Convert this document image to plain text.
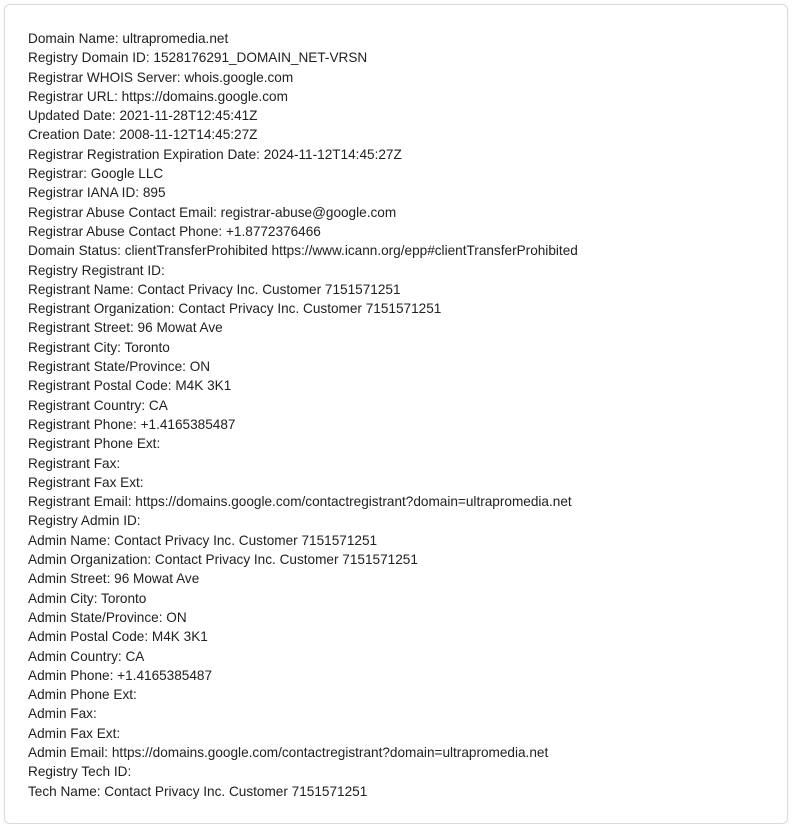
Domain Name: ultrapromedia.net
Registry Domain ID: 1528176291_DOMAIN_NET-VRSN
Registrar WHOIS Server: whois.google.com
Registrar URL: https://domains.google.com
Updated Date: 2021-11-28T12:45:41Z
Creation Date: 2008-11-12T14:45:27Z
Registrar Registration Expiration Date: 2024-11-12T14:45:27Z
Registrar: Google LLC
Registrar IANA ID: 895
Registrar Abuse Contact Email: registrar-abuse@google.com
Registrar Abuse Contact Phone: +1.8772376466
Domain Status: clientTransferProhibited https://www.icann.org/epp#clientTransferProhibited
Registry Registrant ID:
Registrant Name: Contact Privacy Inc. Customer 7151571251
Registrant Organization: Contact Privacy Inc. Customer 7151571251
Registrant Street: 96 Mowat Ave
Registrant City: Toronto
Registrant State/Province: ON
Registrant Postal Code: M4K 3K1
Registrant Country: CA
Registrant Phone: +1.4165385487
Registrant Phone Ext:
Registrant Fax:
Registrant Fax Ext:
Registrant Email: https://domains.google.com/contactregistrant?domain=ultrapromedia.net
Registry Admin ID:
Admin Name: Contact Privacy Inc. Customer 7151571251
Admin Organization: Contact Privacy Inc. Customer 7151571251
Admin Street: 96 Mowat Ave
Admin City: Toronto
Admin State/Province: ON
Admin Postal Code: M4K 3K1
Admin Country: CA
Admin Phone: +1.4165385487
Admin Phone Ext:
Admin Fax:
Admin Fax Ext:
Admin Email: https://domains.google.com/contactregistrant?domain=ultrapromedia.net
Registry Tech ID:
Tech Name: Contact Privacy Inc. Customer 7151571251
